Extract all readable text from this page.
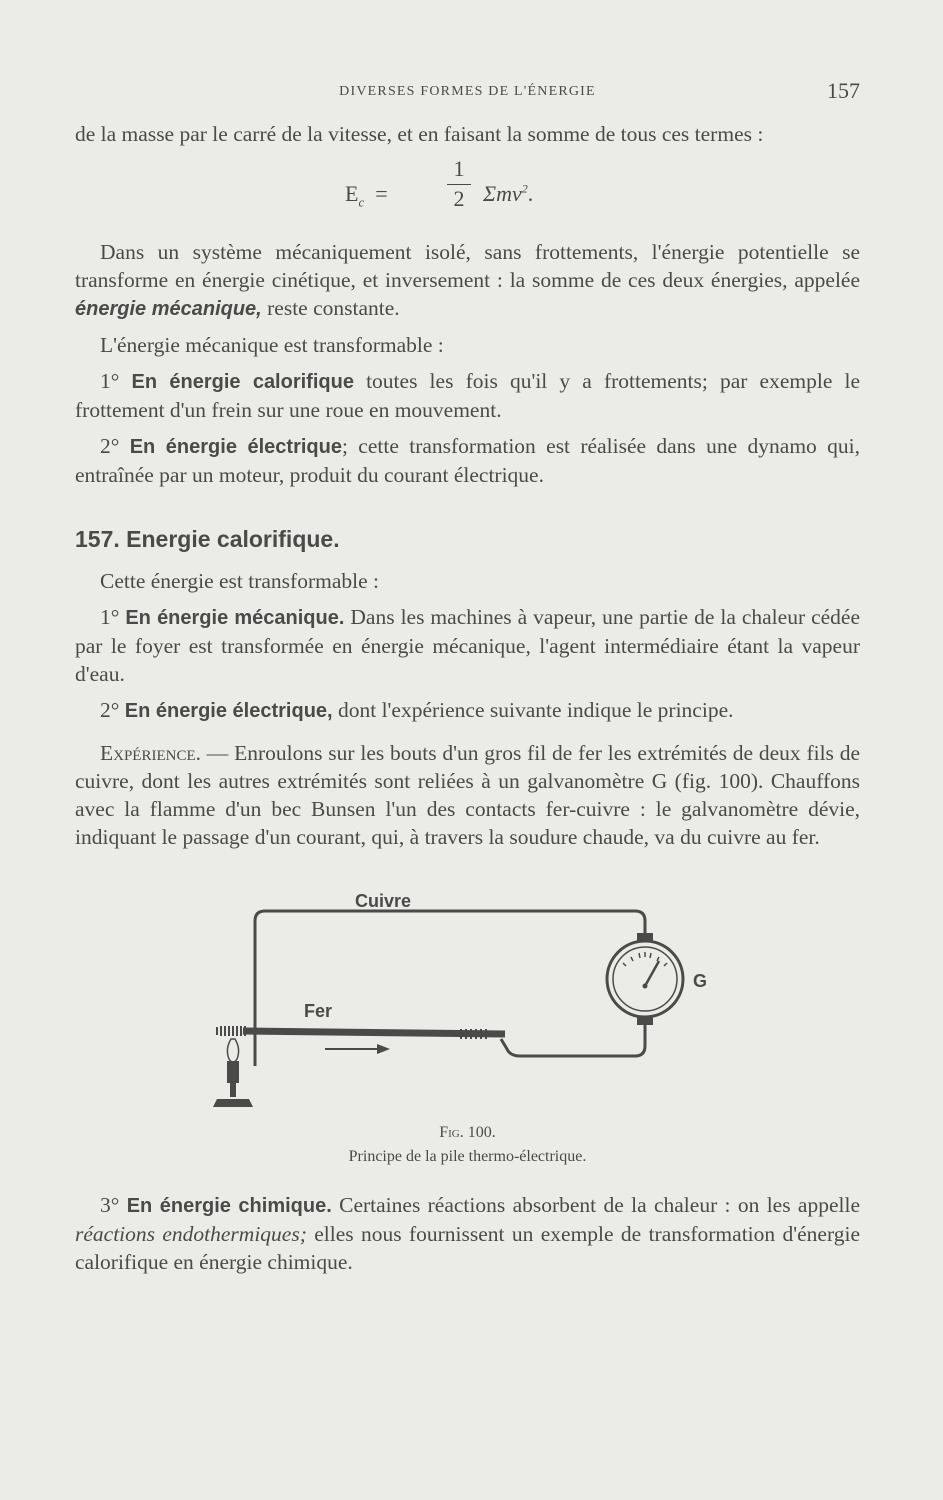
DIVERSES FORMES DE L'ÉNERGIE	157

de la masse par le carré de la vitesse, et en faisant la somme de tous ces termes :

$E_c$ =
1
2 Σmv$^2$.

Dans un système mécaniquement isolé, sans frottements, l'énergie potentielle se transforme en énergie cinétique, et inversement : la somme de ces deux énergies, appelée énergie mécanique, reste constante.

L'énergie mécanique est transformable :

1° En énergie calorifique toutes les fois qu'il y a frottements; par exemple le frottement d'un frein sur une roue en mouvement.

2° En énergie électrique; cette transformation est réalisée dans une dynamo qui, entraînée par un moteur, produit du courant électrique.

157. Energie calorifique.

Cette énergie est transformable :

1° En énergie mécanique. Dans les machines à vapeur, une partie de la chaleur cédée par le foyer est transformée en énergie mécanique, l'agent intermédiaire étant la vapeur d'eau.

2° En énergie électrique, dont l'expérience suivante indique le principe.

Expérience. — Enroulons sur les bouts d'un gros fil de fer les extrémités de deux fils de cuivre, dont les autres extrémités sont reliées à un galvanomètre G (fig. 100). Chauffons avec la flamme d'un bec Bunsen l'un des contacts fer-cuivre : le galvanomètre dévie, indiquant le passage d'un courant, qui, à travers la soudure chaude, va du cuivre au fer.

Cuivre
Fer
G
Fig. 100.
Principe de la pile thermo-électrique.

3° En énergie chimique. Certaines réactions absorbent de la chaleur : on les appelle réactions endothermiques; elles nous fournissent un exemple de transformation d'énergie calorifique en énergie chimique.
